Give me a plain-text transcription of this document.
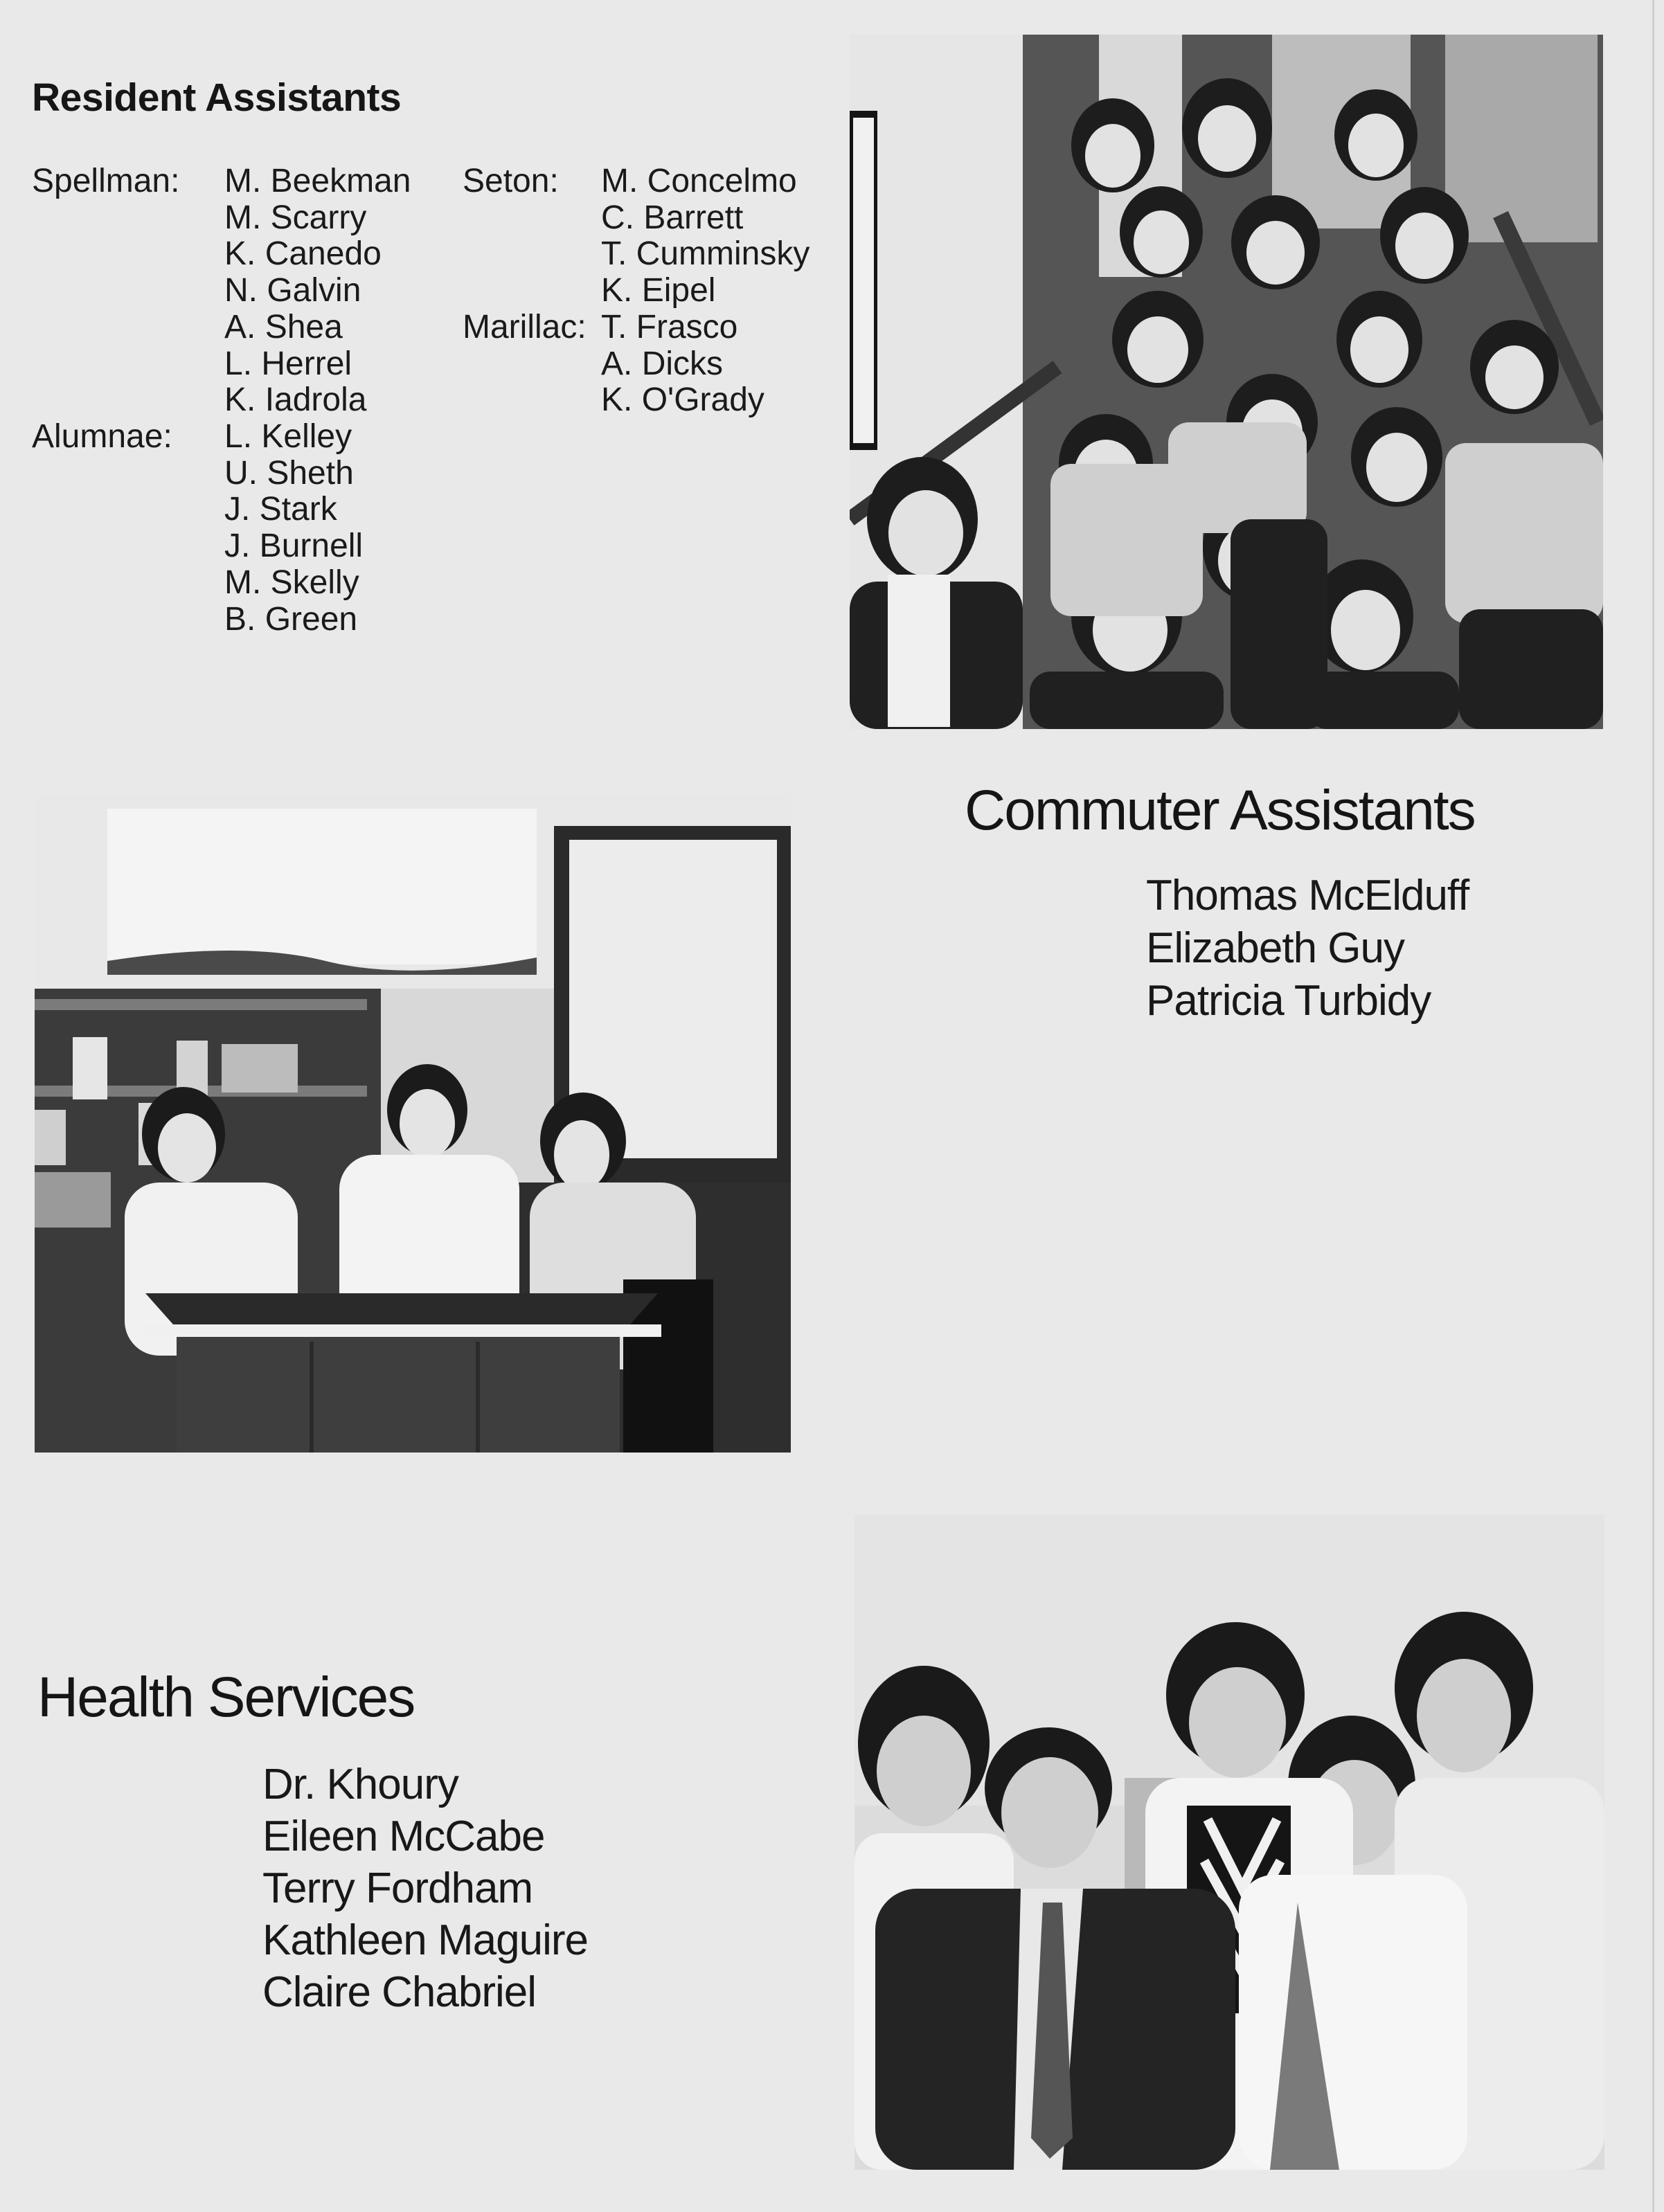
Resident Assistants
Spellman: M. Beekman
M. Scarry
K. Canedo
N. Galvin
A. Shea
L. Herrel
K. Iadrola
Alumnae: L. Kelley
U. Sheth
J. Stark
J. Burnell
M. Skelly
B. Green
Seton: M. Concelmo
C. Barrett
T. Cumminsky
K. Eipel
Marillac: T. Frasco
A. Dicks
K. O'Grady
Commuter Assistants
Thomas McElduff
Elizabeth Guy
Patricia Turbidy
Health Services
Dr. Khoury
Eileen McCabe
Terry Fordham
Kathleen Maguire
Claire Chabriel
